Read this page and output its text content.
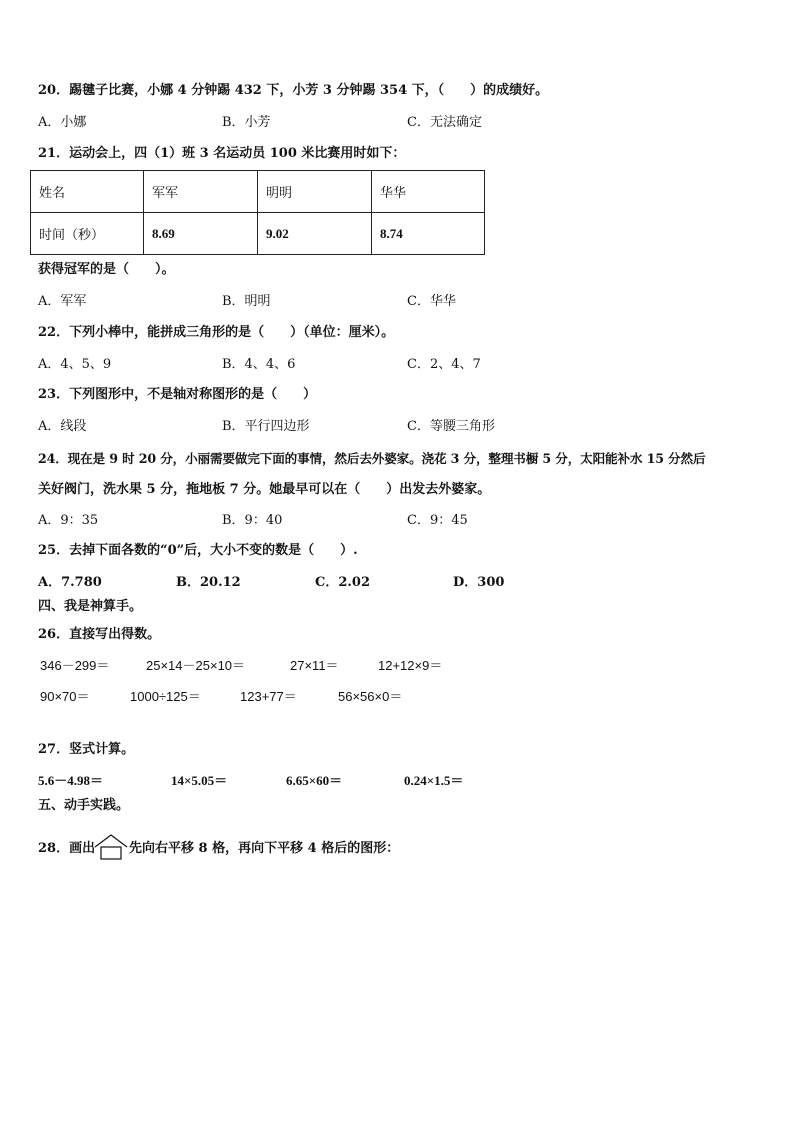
20．踢毽子比赛，小娜 4 分钟踢 432 下，小芳 3 分钟踢 354 下，（　　）的成绩好。
A．小娜	B．小芳	C．无法确定
21．运动会上，四（1）班 3 名运动员 100 米比赛用时如下：
姓名	军军	明明	华华
时间（秒）	8.69	9.02	8.74
获得冠军的是（　　）。
A．军军	B．明明	C．华华
22．下列小棒中，能拼成三角形的是（　　）（单位：厘米）。
A．4、5、9	B．4、4、6	C．2、4、7
23．下列图形中，不是轴对称图形的是（　　）
A．线段	B．平行四边形	C．等腰三角形
24．现在是 9 时 20 分，小丽需要做完下面的事情，然后去外婆家。浇花 3 分，整理书橱 5 分，太阳能补水 15 分然后
关好阀门，洗水果 5 分，拖地板 7 分。她最早可以在（　　）出发去外婆家。
A．9：35	B．9：40	C．9：45
25．去掉下面各数的“0”后，大小不变的数是（　　）.
A．7.780	B．20.12	C．2.02	D．300
四、我是神算手。
26．直接写出得数。
346－299＝	25×14－25×10＝	27×11＝	12+12×9＝
90×70＝	1000÷125＝	123+77＝	56×56×0＝
27．竖式计算。
5.6－4.98＝	14×5.05＝	6.65×60＝	0.24×1.5＝
五、动手实践。
28．画出	先向右平移 8 格，再向下平移 4 格后的图形：
